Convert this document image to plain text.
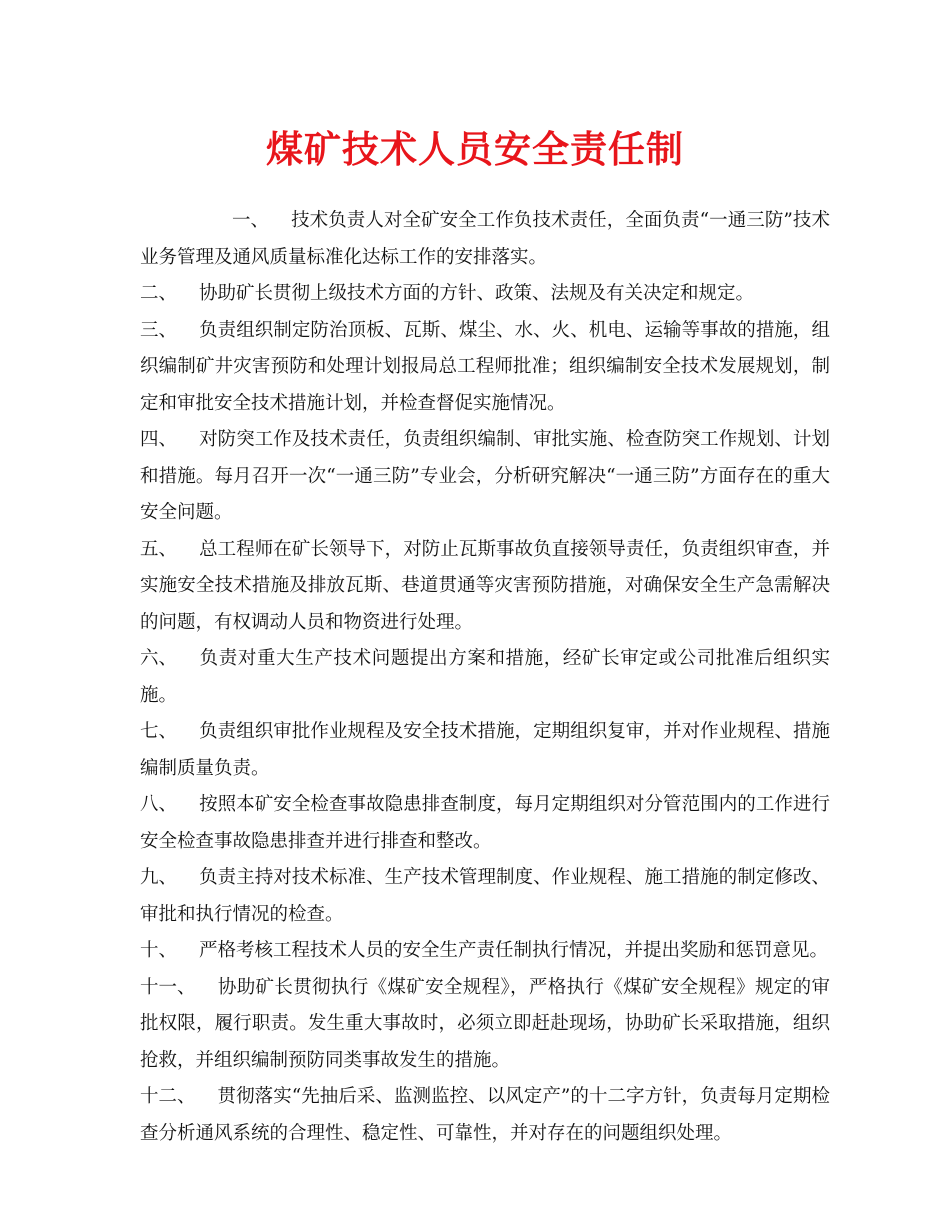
煤矿技术人员安全责任制

一、 技术负责人对全矿安全工作负技术责任，全面负责“一通三防”技术业务管理及通风质量标准化达标工作的安排落实。

二、 协助矿长贯彻上级技术方面的方针、政策、法规及有关决定和规定。

三、 负责组织制定防治顶板、瓦斯、煤尘、水、火、机电、运输等事故的措施，组织编制矿井灾害预防和处理计划报局总工程师批准；组织编制安全技术发展规划，制定和审批安全技术措施计划，并检查督促实施情况。

四、 对防突工作及技术责任，负责组织编制、审批实施、检查防突工作规划、计划和措施。每月召开一次“一通三防”专业会，分析研究解决“一通三防”方面存在的重大安全问题。

五、 总工程师在矿长领导下，对防止瓦斯事故负直接领导责任，负责组织审查，并实施安全技术措施及排放瓦斯、巷道贯通等灾害预防措施，对确保安全生产急需解决的问题，有权调动人员和物资进行处理。

六、 负责对重大生产技术问题提出方案和措施，经矿长审定或公司批准后组织实施。

七、 负责组织审批作业规程及安全技术措施，定期组织复审，并对作业规程、措施编制质量负责。

八、 按照本矿安全检查事故隐患排查制度，每月定期组织对分管范围内的工作进行安全检查事故隐患排查并进行排查和整改。

九、 负责主持对技术标准、生产技术管理制度、作业规程、施工措施的制定修改、审批和执行情况的检查。

十、 严格考核工程技术人员的安全生产责任制执行情况，并提出奖励和惩罚意见。

十一、 协助矿长贯彻执行《煤矿安全规程》，严格执行《煤矿安全规程》规定的审批权限，履行职责。发生重大事故时，必须立即赶赴现场，协助矿长采取措施，组织抢救，并组织编制预防同类事故发生的措施。

十二、 贯彻落实“先抽后采、监测监控、以风定产”的十二字方针，负责每月定期检查分析通风系统的合理性、稳定性、可靠性，并对存在的问题组织处理。
